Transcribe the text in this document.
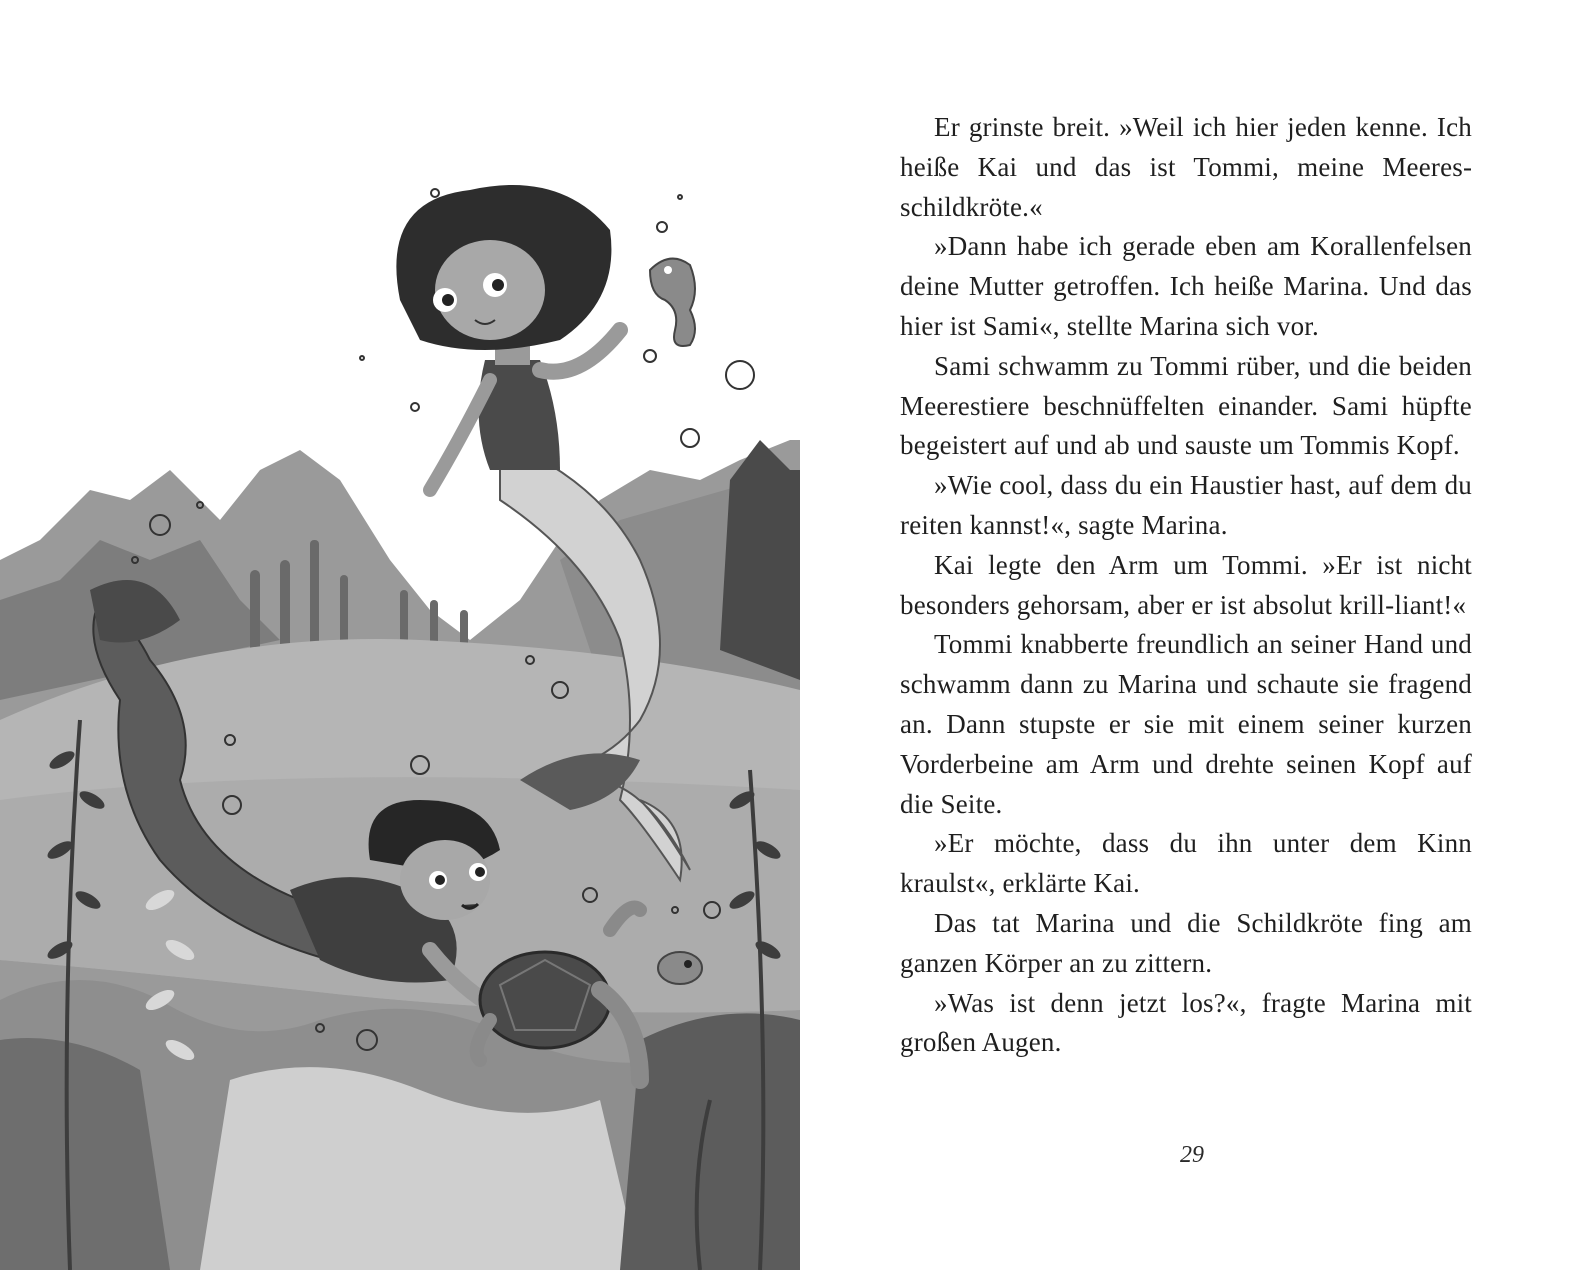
Er grinste breit. »Weil ich hier jeden kenne. Ich heiße Kai und das ist Tommi, meine Meeresschildkröte.«

»Dann habe ich gerade eben am Korallenfelsen deine Mutter getroffen. Ich heiße Marina. Und das hier ist Sami«, stellte Marina sich vor.

Sami schwamm zu Tommi rüber, und die beiden Meerestiere beschnüffelten einander. Sami hüpfte begeistert auf und ab und sauste um Tommis Kopf.

»Wie cool, dass du ein Haustier hast, auf dem du reiten kannst!«, sagte Marina.

Kai legte den Arm um Tommi. »Er ist nicht besonders gehorsam, aber er ist absolut krill-liant!«

Tommi knabberte freundlich an seiner Hand und schwamm dann zu Marina und schaute sie fragend an. Dann stupste er sie mit einem seiner kurzen Vorderbeine am Arm und drehte seinen Kopf auf die Seite.

»Er möchte, dass du ihn unter dem Kinn kraulst«, erklärte Kai.

Das tat Marina und die Schildkröte fing am ganzen Körper an zu zittern.

»Was ist denn jetzt los?«, fragte Marina mit großen Augen.

29
